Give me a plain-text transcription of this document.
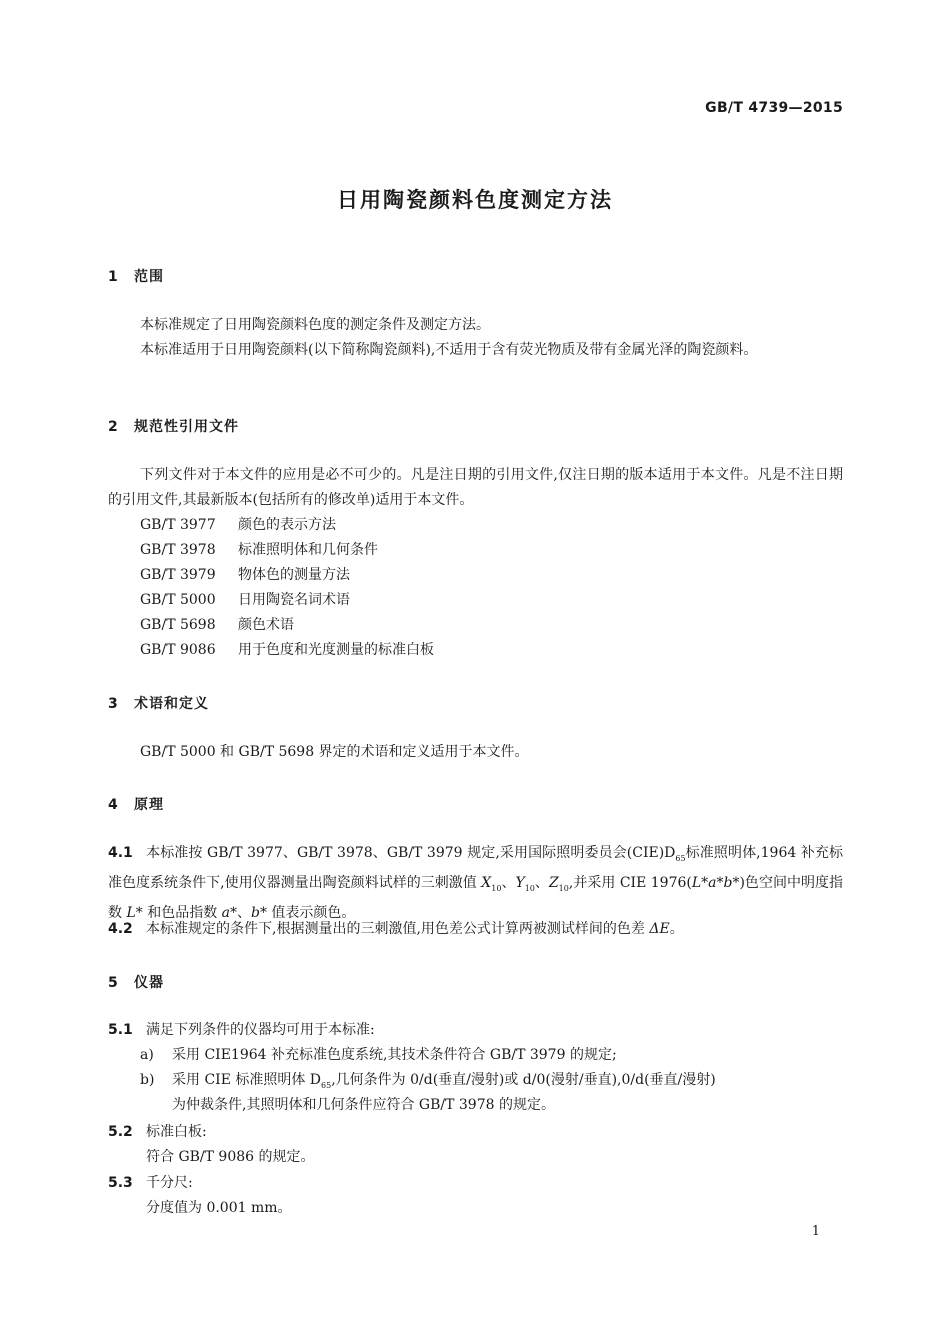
GB/T 4739—2015
日用陶瓷颜料色度测定方法
1 范围
本标准规定了日用陶瓷颜料色度的测定条件及测定方法。
本标准适用于日用陶瓷颜料(以下简称陶瓷颜料),不适用于含有荧光物质及带有金属光泽的陶瓷颜料。
2 规范性引用文件
下列文件对于本文件的应用是必不可少的。凡是注日期的引用文件,仅注日期的版本适用于本文件。凡是不注日期的引用文件,其最新版本(包括所有的修改单)适用于本文件。
GB/T 3977 颜色的表示方法
GB/T 3978 标准照明体和几何条件
GB/T 3979 物体色的测量方法
GB/T 5000 日用陶瓷名词术语
GB/T 5698 颜色术语
GB/T 9086 用于色度和光度测量的标准白板
3 术语和定义
GB/T 5000 和 GB/T 5698 界定的术语和定义适用于本文件。
4 原理
4.1 本标准按 GB/T 3977、GB/T 3978、GB/T 3979 规定,采用国际照明委员会$(CIE)D_{65}$标准照明体,1964 补充标准色度系统条件下,使用仪器测量出陶瓷颜料试样的三刺激值 $X_{10}$、$Y_{10}$、$Z_{10}$,并采用 CIE 1976(L*a*b*)色空间中明度指数 L* 和色品指数 a*、b* 值表示颜色。
4.2 本标准规定的条件下,根据测量出的三刺激值,用色差公式计算两被测试样间的色差 ΔE。
5 仪器
5.1 满足下列条件的仪器均可用于本标准:
a) 采用 CIE1964 补充标准色度系统,其技术条件符合 GB/T 3979 的规定;
b) 采用 CIE 标准照明体 $D_{65}$,几何条件为 0/d(垂直/漫射)或 d/0(漫射/垂直),0/d(垂直/漫射)
为仲裁条件,其照明体和几何条件应符合 GB/T 3978 的规定。
5.2 标准白板:
符合 GB/T 9086 的规定。
5.3 千分尺:
分度值为 0.001 mm。
1
